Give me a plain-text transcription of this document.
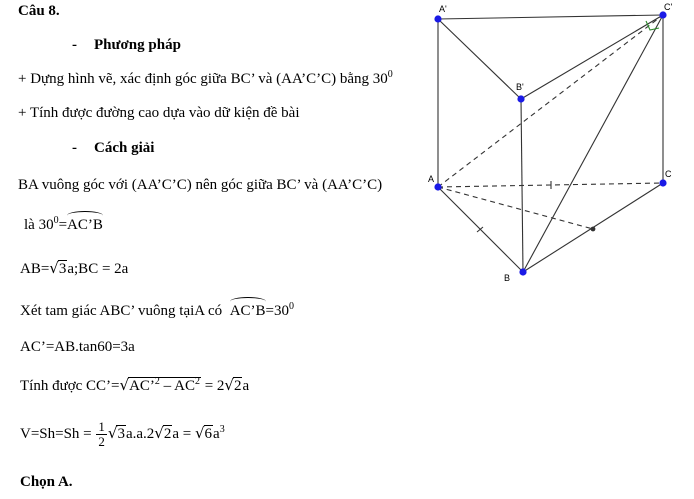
Câu 8.
- Phương pháp
+ Dựng hình vẽ, xác định góc giữa BC’ và (AA’C’C) bằng $30^0$
+ Tính được đường cao dựa vào dữ kiện đề bài
- Cách giải
BA vuông góc với (AA’C’C) nên góc giữa BC’ và (AA’C’C)
là $30^0=AC’B$
AB=√3a;BC = 2a
Xét tam giác ABC’ vuông tạiA có $AC’B=30^0$
AC’=AB.tan60=3a
Tính được CC’=√AC’$^2$ – $AC^2 = 2√2a$
$V=Sh=Sh = \frac{1}{2} √3a.a.2√2a = √6a^3$
Chọn A.
A'	C'
B'
A	C
B
